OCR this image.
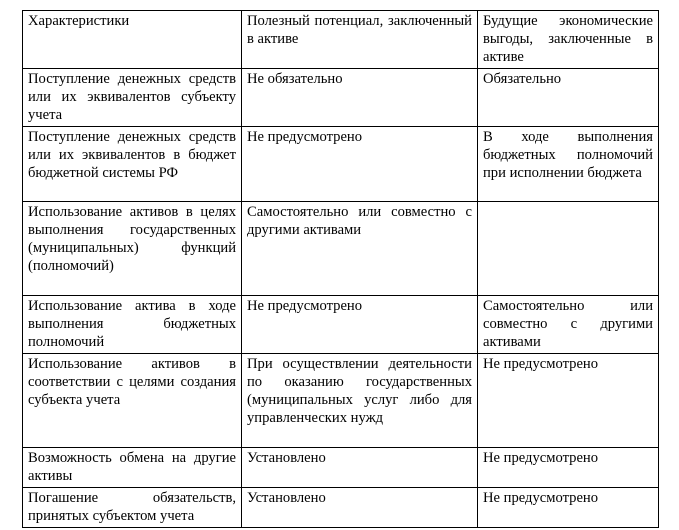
Характеристики	Полезный потенциал, заключенный в активе	Будущие экономические выгоды, заключенные в активе
Поступление денежных средств или их эквивалентов субъекту учета	Не обязательно	Обязательно
Поступление денежных средств или их эквивалентов в бюджет бюджетной системы РФ	Не предусмотрено	В ходе выполнения бюджетных полномочий при исполнении бюджета
Использование активов в целях выполнения государственных (муниципальных) функций (полномочий)	Самостоятельно или совместно с другими активами	
Использование актива в ходе выполнения бюджетных полномочий	Не предусмотрено	Самостоятельно или совместно с другими активами
Использование активов в соответствии с целями создания субъекта учета	При осуществлении деятельности по оказанию государственных (муниципальных услуг либо для управленческих нужд	Не предусмотрено
Возможность обмена на другие активы	Установлено	Не предусмотрено
Погашение обязательств, принятых субъектом учета	Установлено	Не предусмотрено
